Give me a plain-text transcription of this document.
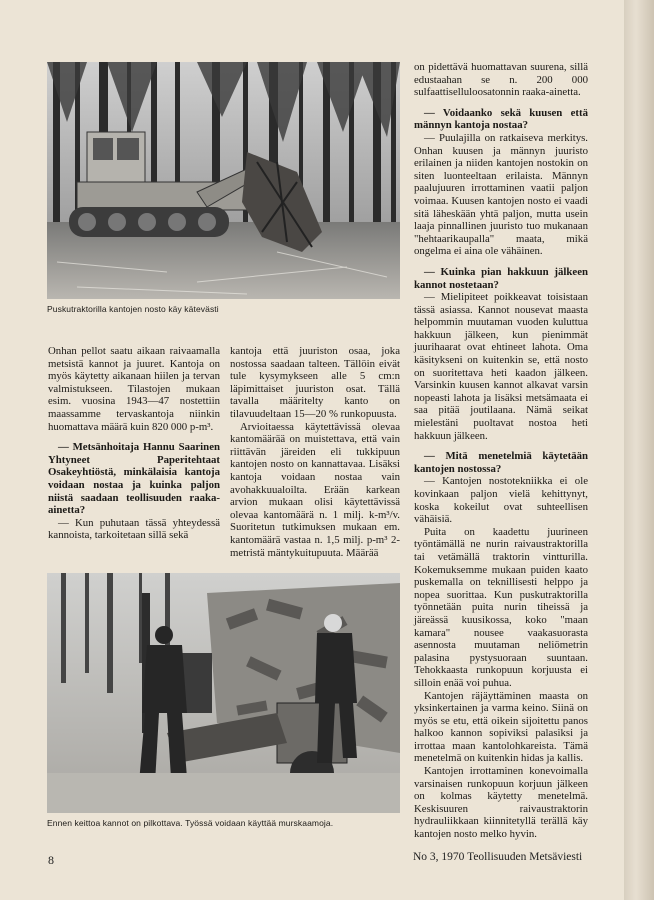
Puskutraktorilla kantojen nosto käy kätevästi

Onhan pellot saatu aikaan raivaamalla metsistä kannot ja juuret. Kantoja on myös käytetty aikanaan hiilen ja tervan valmistukseen. Tilastojen mukaan esim. vuosina 1943—47 nostettiin maassamme tervaskantoja niinkin huomattava määrä kuin 820 000 p-m³.

— Metsänhoitaja Hannu Saarinen Yhtyneet Paperitehtaat Osakeyhtiöstä, minkälaisia kantoja voidaan nostaa ja kuinka paljon niistä saadaan teollisuuden raaka-ainetta?

— Kun puhutaan tässä yhteydessä kannoista, tarkoitetaan sillä sekä

kantoja että juuriston osaa, joka nostossa saadaan talteen. Tällöin eivät tule kysymykseen alle 5 cm:n läpimittaiset juuriston osat. Tällä tavalla määritelty kanto on tilavuudeltaan 15—20 % runkopuusta.

Arvioitaessa käytettävissä olevaa kantomäärää on muistettava, että vain riittävän järeiden eli tukkipuun kantojen nosto on kannattavaa. Lisäksi kantoja voidaan nostaa vain avohakkuualoilta. Erään karkean arvion mukaan olisi käytettävissä olevaa kantomäärä n. 1 milj. k-m³/v. Suoritetun tutkimuksen mukaan em. kantomäärä vastaa n. 1,5 milj. p-m³ 2-metristä mäntykuitupuuta. Määrää

on pidettävä huomattavan suurena, sillä edustaahan se n. 200 000 sulfaattiselluloosatonnin raaka-ainetta.

— Voidaanko sekä kuusen että männyn kantoja nostaa?

— Puulajilla on ratkaiseva merkitys. Onhan kuusen ja männyn juuristo erilainen ja niiden kantojen nostokin on siten luonteeltaan erilaista. Männyn paalujuuren irrottaminen vaatii paljon voimaa. Kuusen kantojen nosto ei vaadi sitä läheskään yhtä paljon, mutta usein laaja pinnallinen juuristo tuo mukanaan "hehtaarikaupalla" maata, mikä ongelma ei aina ole vähäinen.

— Kuinka pian hakkuun jälkeen kannot nostetaan?

— Mielipiteet poikkeavat toisistaan tässä asiassa. Kannot nousevat maasta helpommin muutaman vuoden kuluttua hakkuun jälkeen, kun pienimmät juurihaarat ovat ehtineet lahota. Oma käsitykseni on kuitenkin se, että nosto on suoritettava heti kaadon jälkeen. Varsinkin kuusen kannot alkavat varsin nopeasti lahota ja lisäksi metsämaata ei saa pitää joutilaana. Nämä seikat mielestäni puoltavat nostoa heti hakkuun jälkeen.

— Mitä menetelmiä käytetään kantojen nostossa?

— Kantojen nostotekniikka ei ole kovinkaan paljon vielä kehittynyt, koska kokeilut ovat suhteellisen vähäisiä.

Puita on kaadettu juurineen työntämällä ne nurin raivaustraktorilla tai vetämällä traktorin vintturilla. Kokemuksemme mukaan puiden kaato puskemalla on teknillisesti helppo ja nopea suorittaa. Kun puskutraktorilla työnnetään puita nurin tiheissä ja järeässä kuusikossa, koko "maan kamara" nousee vaakasuorasta asennosta muutaman neliömetrin palasina pystysuoraan suuntaan. Tehokkaasta runkopuun korjuusta ei silloin enää voi puhua.

Kantojen räjäyttäminen maasta on yksinkertainen ja varma keino. Siinä on myös se etu, että oikein sijoitettu panos halkoo kannon sopiviksi palasiksi ja irrottaa maan kantolohkareista. Tämä menetelmä on kuitenkin hidas ja kallis.

Kantojen irrottaminen konevoimalla varsinaisen runkopuun korjuun jälkeen on kolmas käytetty menetelmä. Keskisuuren raivaustraktorin hydrauliikkaan kiinnitetyllä terällä käy kantojen nosto melko hyvin.

Ennen keittoa kannot on pilkottava. Työssä voidaan käyttää murskaamoja.
8	No 3, 1970 Teollisuuden Metsäviesti
